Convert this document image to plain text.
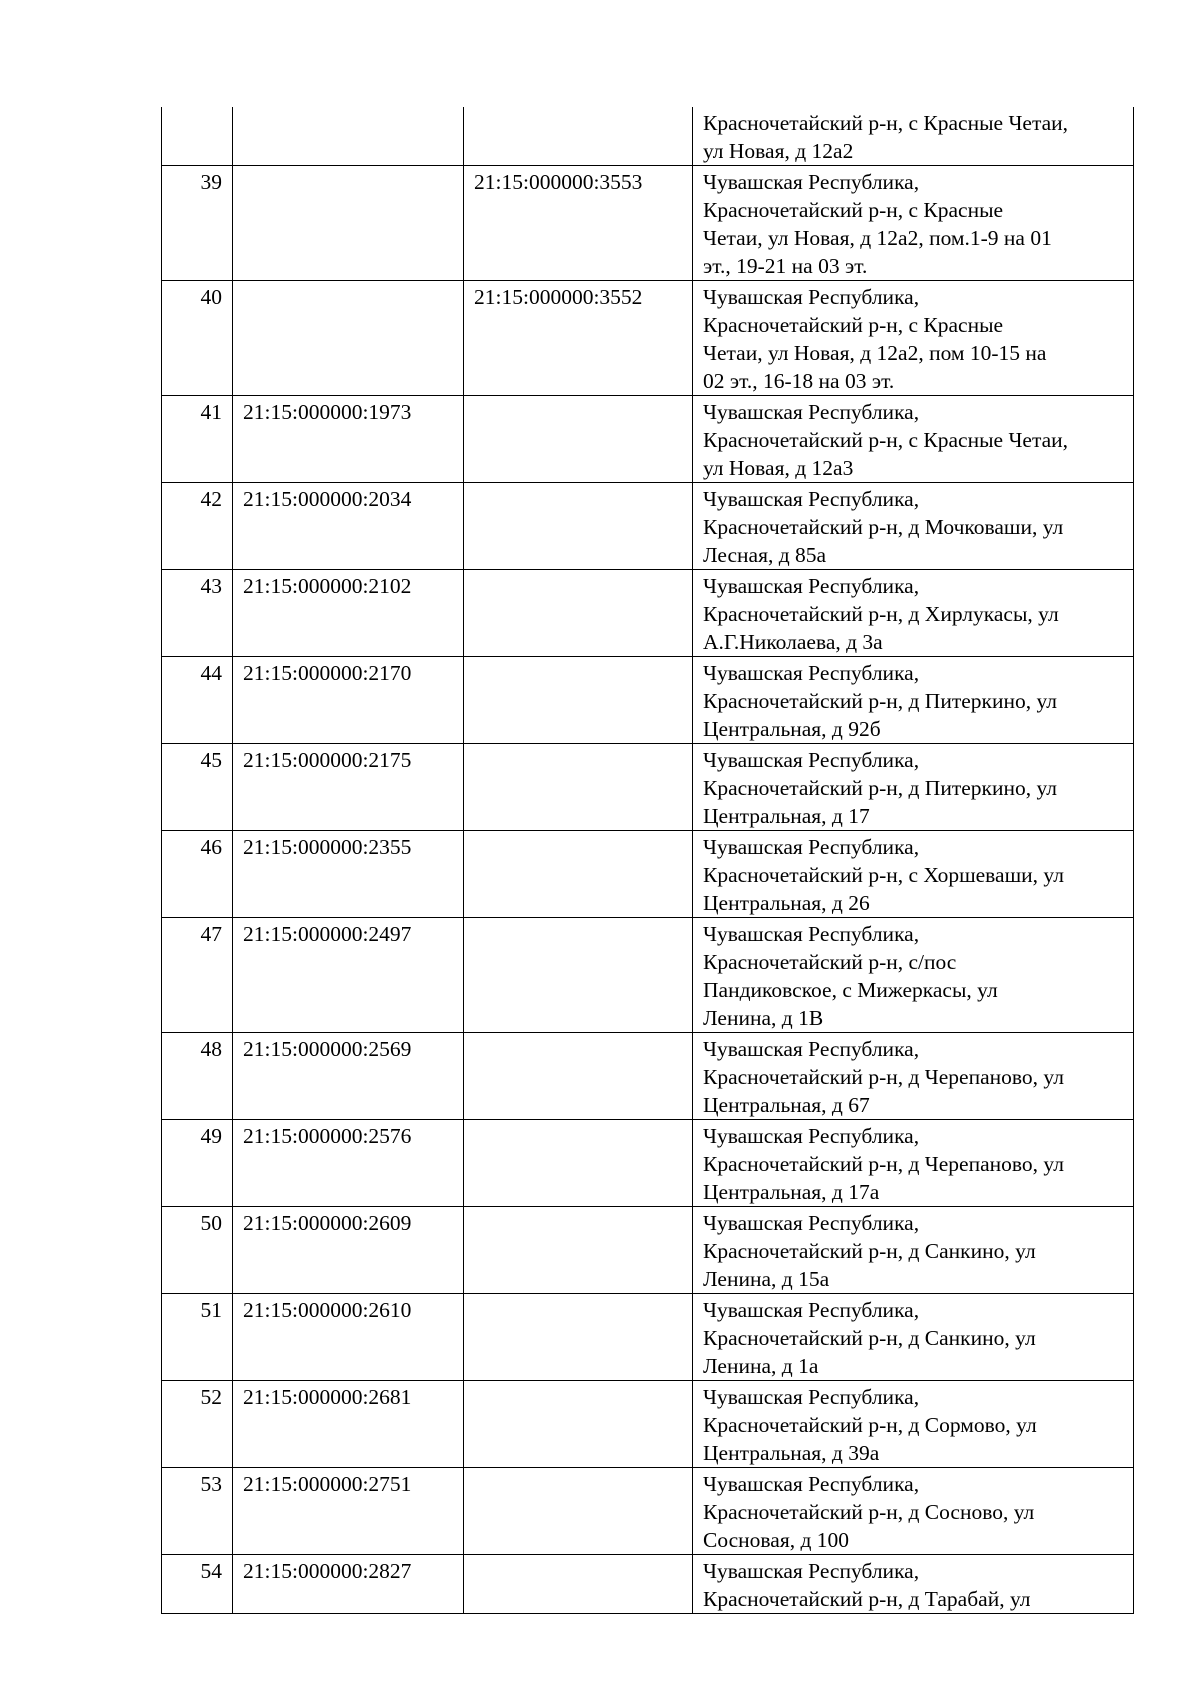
			Красночетайский р-н, с Красные Четаи,
ул Новая, д 12а2

39		21:15:000000:3553	Чувашская Республика,
Красночетайский р-н, с Красные
Четаи, ул Новая, д 12а2, пом.1-9 на 01
эт., 19-21 на 03 эт.

40		21:15:000000:3552	Чувашская Республика,
Красночетайский р-н, с Красные
Четаи, ул Новая, д 12а2, пом 10-15 на
02 эт., 16-18 на 03 эт.

41	21:15:000000:1973		Чувашская Республика,
Красночетайский р-н, с Красные Четаи,
ул Новая, д 12а3

42	21:15:000000:2034		Чувашская Республика,
Красночетайский р-н, д Мочковаши, ул
Лесная, д 85а

43	21:15:000000:2102		Чувашская Республика,
Красночетайский р-н, д Хирлукасы, ул
А.Г.Николаева, д 3а

44	21:15:000000:2170		Чувашская Республика,
Красночетайский р-н, д Питеркино, ул
Центральная, д 92б

45	21:15:000000:2175		Чувашская Республика,
Красночетайский р-н, д Питеркино, ул
Центральная, д 17

46	21:15:000000:2355		Чувашская Республика,
Красночетайский р-н, с Хоршеваши, ул
Центральная, д 26

47	21:15:000000:2497		Чувашская Республика,
Красночетайский р-н, с/пос
Пандиковское, с Мижеркасы, ул
Ленина, д 1В

48	21:15:000000:2569		Чувашская Республика,
Красночетайский р-н, д Черепаново, ул
Центральная, д 67

49	21:15:000000:2576		Чувашская Республика,
Красночетайский р-н, д Черепаново, ул
Центральная, д 17а

50	21:15:000000:2609		Чувашская Республика,
Красночетайский р-н, д Санкино, ул
Ленина, д 15а

51	21:15:000000:2610		Чувашская Республика,
Красночетайский р-н, д Санкино, ул
Ленина, д 1а

52	21:15:000000:2681		Чувашская Республика,
Красночетайский р-н, д Сормово, ул
Центральная, д 39а

53	21:15:000000:2751		Чувашская Республика,
Красночетайский р-н, д Сосново, ул
Сосновая, д 100

54	21:15:000000:2827		Чувашская Республика,
Красночетайский р-н, д Тарабай, ул
